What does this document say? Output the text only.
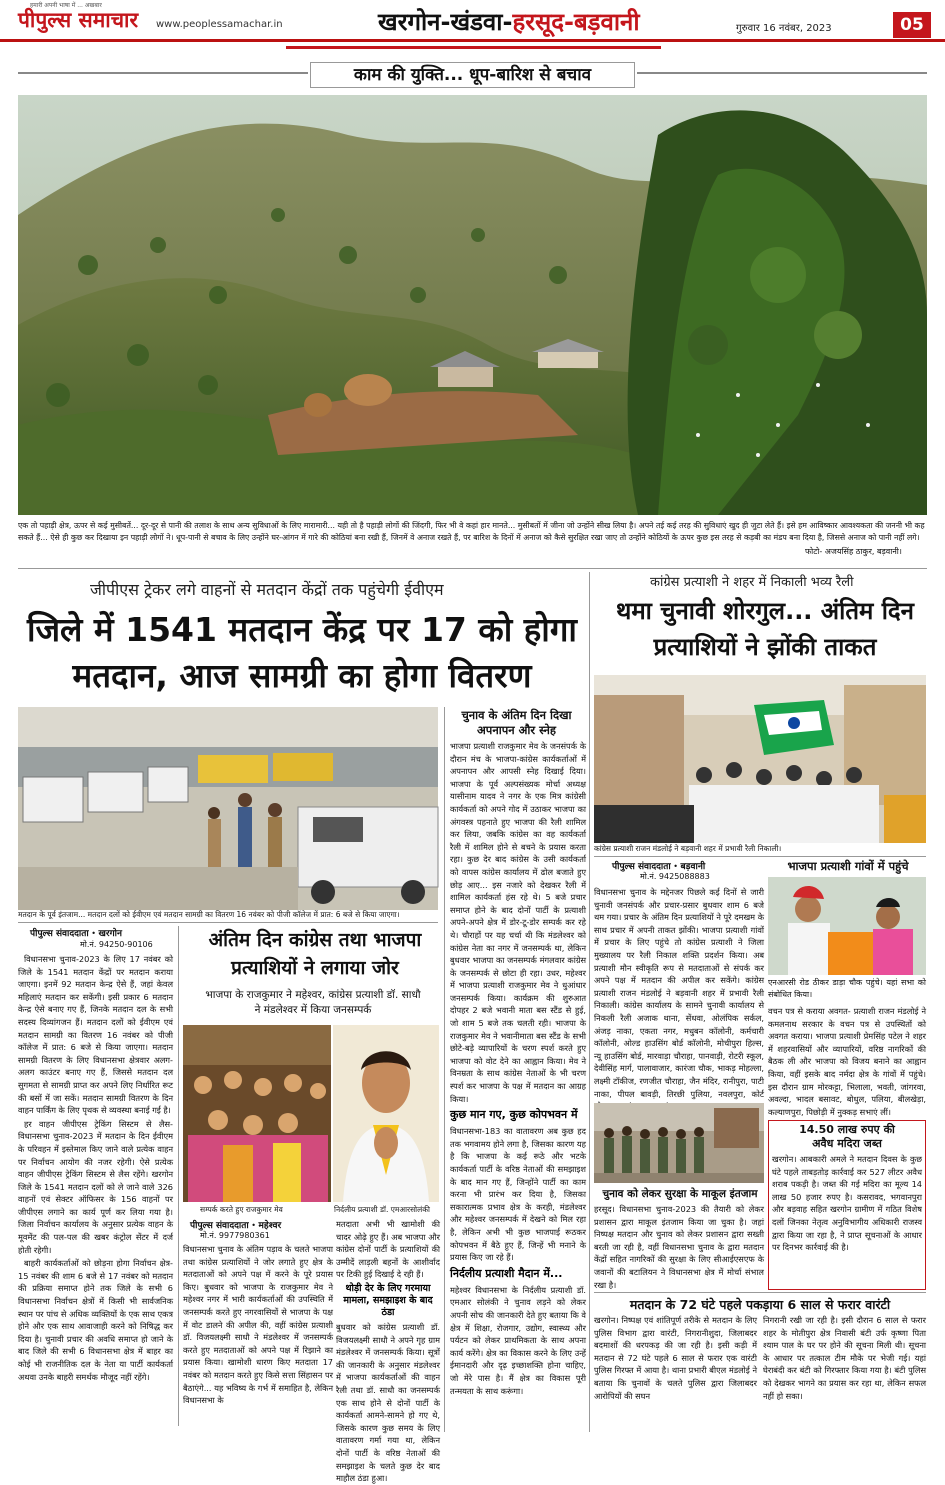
हमारी अपनी भाषा में ... अखबार
पीपुल्स समाचार www.peoplessamachar.in	खरगोन-खंडवा-हरसूद-बड़वानी	गुरुवार 16 नवंबर, 2023	05
काम की युक्ति... धूप-बारिश से बचाव
एक तो पहाड़ी क्षेत्र, ऊपर से कई मुसीबतें... दूर-दूर से पानी की तलाश के साथ अन्य सुविधाओं के लिए मारामारी... यही तो है पहाड़ी लोगों की जिंदगी, फिर भी वे कहां हार मानते... मुसीबतों में जीना जो उन्होंने सीख लिया है। अपने तई कई तरह की सुविधाएं खुद ही जुटा लेते हैं। इसे हम आविष्कार आवश्यकता की जननी भी कह सकते हैं... ऐसे ही कुछ कर दिखाया इन पहाड़ी लोगों ने। धूप-पानी से बचाव के लिए उन्होंने घर-आंगन में गारे की कोठियां बना रखी हैं, जिनमें वे अनाज रखते हैं, पर बारिश के दिनों में अनाज को कैसे सुरक्षित रखा जाए तो उन्होंने कोठियों के ऊपर कुछ इस तरह से कड़बी का मंडप बना दिया है, जिससे अनाज को पानी नहीं लगे।
फोटो- अजयसिंह ठाकुर, बड़वानी।
जीपीएस ट्रेकर लगे वाहनों से मतदान केंद्रों तक पहुंचेगी ईवीएम
जिले में 1541 मतदान केंद्र पर 17 को होगा
मतदान, आज सामग्री का होगा वितरण
कांग्रेस प्रत्याशी ने शहर में निकाली भव्य रैली
थमा चुनावी शोरगुल... अंतिम दिन
प्रत्याशियों ने झोंकी ताकत
मतदान के पूर्व इंतजाम... मतदान दलों को ईवीएम एवं मतदान सामग्री का वितरण 16 नवंबर को पीजी कॉलेज में प्रात: 6 बजे से किया जाएगा।
पीपुल्स संवाददाता • खरगोन
मो.नं. 94250-90106

विधानसभा चुनाव-2023 के लिए 17 नवंबर को जिले के 1541 मतदान केंद्रों पर मतदान कराया जाएगा। इनमें 92 मतदान केन्द्र ऐसे हैं, जहां केवल महिलाएं मतदान कर सकेंगी। इसी प्रकार 6 मतदान केन्द्र ऐसे बनाए गए हैं, जिनके मतदान दल के सभी सदस्य दिव्यांगजन हैं। मतदान दलों को ईवीएम एवं मतदान सामग्री का वितरण 16 नवंबर को पीजी कॉलेज में प्रात: 6 बजे से किया जाएगा। मतदान सामग्री वितरण के लिए विधानसभा क्षेत्रवार अलग-अलग काउंटर बनाए गए हैं, जिससे मतदान दल सुगमता से सामग्री प्राप्त कर अपने लिए निर्धारित रूट की बसों में जा सकें। मतदान सामग्री वितरण के दिन वाहन पार्किंग के लिए पृथक से व्यवस्था बनाई गई है।

हर वाहन जीपीएस ट्रेकिंग सिस्टम से लैस- विधानसभा चुनाव-2023 में मतदान के दिन ईवीएम के परिवहन में इस्तेमाल किए जाने वाले प्रत्येक वाहन पर निर्वाचन आयोग की नजर रहेगी। ऐसे प्रत्येक वाहन जीपीएस ट्रेकिंग सिस्टम से लैस रहेंगे। खरगोन जिले के 1541 मतदान दलों को ले जाने वाले 326 वाहनों एवं सेक्टर ऑफिसर के 156 वाहनों पर जीपीएस लगाने का कार्य पूर्ण कर लिया गया है। जिला निर्वाचन कार्यालय के अनुसार प्रत्येक वाहन के मूवमेंट की पल-पल की खबर कंट्रोल सेंटर में दर्ज होती रहेगी।

बाहरी कार्यकर्ताओं को छोड़ना होगा निर्वाचन क्षेत्र- 15 नवंबर की शाम 6 बजे से 17 नवंबर को मतदान की प्रक्रिया समाप्त होने तक जिले के सभी 6 विधानसभा निर्वाचन क्षेत्रों में किसी भी सार्वजनिक स्थान पर पांच से अधिक व्यक्तियों के एक साथ एकत्र होने और एक साथ आवाजाही करने को निषिद्ध कर दिया है। चुनावी प्रचार की अवधि समाप्त हो जाने के बाद जिले की सभी 6 विधानसभा क्षेत्र में बाहर का कोई भी राजनीतिक दल के नेता या पार्टी कार्यकर्ता अथवा उनके बाहरी समर्थक मौजूद नहीं रहेंगे।

अंतिम दिन कांग्रेस तथा भाजपा
प्रत्याशियों ने लगाया जोर
भाजपा के राजकुमार ने महेश्वर, कांग्रेस प्रत्याशी डॉ. साधौ
ने मंडलेश्वर में किया जनसम्पर्क
सम्पर्क करते हुए राजकुमार मेव	निर्दलीय प्रत्याशी डॉ. एमआरसोलंकी
पीपुल्स संवाददाता • महेश्वर
मो.नं. 9977980361
विधानसभा चुनाव के अंतिम पड़ाव के चलते भाजपा तथा कांग्रेस प्रत्याशियों ने जोर लगाते हुए क्षेत्र के मतदाताओं को अपने पक्ष में करने के पूरे प्रयास किए। बुधवार को भाजपा के राजकुमार मेव ने महेश्वर नगर में भारी कार्यकर्ताओं की उपस्थिति में जनसम्पर्क करते हुए नगरवासियों से भाजपा के पक्ष में वोट डालने की अपील की, वहीं कांग्रेस प्रत्याशी डॉ. विजयलक्ष्मी साधौ ने मंडलेश्वर में जनसम्पर्क करते हुए मतदाताओं को अपने पक्ष में रिझाने का प्रयास किया। खामोशी धारण किए मतदाता 17 नवंबर को मतदान करते हुए किसे सत्ता सिंहासन पर बैठाएंगे... यह भविष्य के गर्भ में समाहित है, लेकिन विधानसभा के
मतदाता अभी भी खामोशी की चादर ओढ़े हुए हैं। अब भाजपा और कांग्रेस दोनों पार्टी के प्रत्याशियों की उम्मीदें लाड़ली बहनों के आशीर्वाद पर टिकी हुई दिखाई दे रही हैं।
थोड़ी देर के लिए गरमाया मामला, समझाइश के बाद ठंडा
बुधवार को कांग्रेस प्रत्याशी डॉ. विजयलक्ष्मी साधौ ने अपने गृह ग्राम मंडलेश्वर में जनसम्पर्क किया। सूत्रों की जानकारी के अनुसार मंडलेश्वर में भाजपा कार्यकर्ताओं की वाहन रैली तथा डॉ. साधौ का जनसम्पर्क एक साथ होने से दोनों पार्टी के कार्यकर्ता आमने-सामने हो गए थे, जिसके कारण कुछ समय के लिए वातावरण गर्मा गया था, लेकिन दोनों पार्टी के वरिष्ठ नेताओं की समझाइश के चलते कुछ देर बाद माहौल ठंडा हुआ।
चुनाव के अंतिम दिन दिखा
अपनापन और स्नेह
भाजपा प्रत्याशी राजकुमार मेव के जनसंपर्क के दौरान मंच के भाजपा-कांग्रेस कार्यकर्ताओं में अपनापन और आपसी स्नेह दिखाई दिया। भाजपा के पूर्व अल्पसंख्यक मोर्चा अध्यक्ष यासीनाम यादव ने नगर के एक मित्र कांग्रेसी कार्यकर्ता को अपने गोद में उठाकर भाजपा का अंगवस्त्र पहनाते हुए भाजपा की रैली शामिल कर लिया, जबकि कांग्रेस का वह कार्यकर्ता रैली में शामिल होने से बचने के प्रयास करता रहा। कुछ देर बाद कांग्रेस के उसी कार्यकर्ता को वापस कांग्रेस कार्यालय में ढोल बजाते हुए छोड़ आए... इस नजारे को देखकर रैली में शामिल कार्यकर्ता हंस रहे थे। 5 बजे प्रचार समाप्त होने के बाद दोनों पार्टी के प्रत्याशी अपने-अपने क्षेत्र में डोर-टू-डोर सम्पर्क कर रहे थे। चौराहों पर यह चर्चा थी कि मंडलेश्वर को कांग्रेस नेता का नगर में जनसम्पर्क था, लेकिन बुधवार भाजपा का जनसम्पर्क मंगलवार कांग्रेस के जनसम्पर्क से छोटा ही रहा। उधर, महेश्वर में भाजपा प्रत्याशी राजकुमार मेव ने धुआंधार जनसम्पर्क किया। कार्यक्रम की शुरुआत दोपहर 2 बजे भवानी माता बस स्टैंड से हुई, जो शाम 5 बजे तक चलती रही। भाजपा के राजकुमार मेव ने भवानीमाता बस स्टैंड के सभी छोटे-बड़े व्यापारियों के चरण स्पर्श करते हुए भाजपा को वोट देने का आह्वान किया। मेव ने विनम्रता के साथ कांग्रेस नेताओं के भी चरण स्पर्श कर भाजपा के पक्ष में मतदान का आग्रह किया।
कुछ मान गए, कुछ कोपभवन में
विधानसभा-183 का वातावरण अब कुछ हद तक भगवामय होने लगा है, जिसका कारण यह है कि भाजपा के कई रूठे और भटके कार्यकर्ता पार्टी के वरिष्ठ नेताओं की समझाइश के बाद मान गए हैं, जिन्होंने पार्टी का काम करना भी प्रारंभ कर दिया है, जिसका सकारात्मक प्रभाव क्षेत्र के करही, मंडलेश्वर और महेश्वर जनसम्पर्क में देखने को मिल रहा है, लेकिन अभी भी कुछ भाजपाई रूठकर कोपभवन में बैठे हुए हैं, जिन्हें भी मनाने के प्रयास किए जा रहे हैं।
निर्दलीय प्रत्याशी मैदान में...
महेश्वर विधानसभा के निर्दलीय प्रत्याशी डॉ. एमआर सोलंकी ने चुनाव लड़ने को लेकर अपनी सोच की जानकारी देते हुए बताया कि वे क्षेत्र में शिक्षा, रोजगार, उद्योग, स्वास्थ्य और पर्यटन को लेकर प्राथमिकता के साथ अपना कार्य करेंगे। क्षेत्र का विकास करने के लिए उन्हें ईमानदारी और दृढ़ इच्छाशक्ति होना चाहिए, जो मेरे पास है। मैं क्षेत्र का विकास पूरी तन्मयता के साथ करूंगा।
कांग्रेस प्रत्याशी राजन मंडलोई ने बड़वानी शहर में प्रभावी रैली निकाली।
पीपुल्स संवाददाता • बड़वानी
मो.नं. 9425088883
विधानसभा चुनाव के मद्देनजर पिछले कई दिनों से जारी चुनावी जनसंपर्क और प्रचार-प्रसार बुधवार शाम 6 बजे थम गया। प्रचार के अंतिम दिन प्रत्याशियों ने पूरे दमखम के साथ प्रचार में अपनी ताकत झोंकी। भाजपा प्रत्याशी गांवों में प्रचार के लिए पहुंचे तो कांग्रेस प्रत्याशी ने जिला मुख्यालय पर रैली निकाल शक्ति प्रदर्शन किया। अब प्रत्याशी मौन स्वीकृति रूप से मतदाताओं से संपर्क कर अपने पक्ष में मतदान की अपील कर सकेंगे। कांग्रेस प्रत्याशी राजन मंडलोई ने बड़वानी शहर में प्रभावी रैली निकाली। कांग्रेस कार्यालय के सामने चुनावी कार्यालय से निकली रैली अजाक थाना, सेंधवा, ओलंपिक सर्कल, अंजड़ नाका, एकता नगर, मधुबन कॉलोनी, कर्मचारी कॉलोनी, ओल्ड हाउसिंग बोर्ड कॉलोनी, मोचीपुरा हिल्स, न्यू हाउसिंग बोर्ड, मारवाड़ा चौराहा, पानवाड़ी, रोटरी स्कूल, देवीसिंह मार्ग, पालावाजार, कारंजा चौक, भाकड़ मोहल्ला, लक्ष्मी टॉकीज, रणजीत चौराहा, जैन मंदिर, रानीपुरा, पाटी नाका, पीपल बावड़ी, तिरछी पुलिया, नवलपुरा, कोर्ट
भाजपा प्रत्याशी गांवों में पहुंचे
एनआरसी रोड ठीकर डाड़ा चौक पहुंचे। यहां सभा को संबोधित किया।
वचन पत्र से कराया अवगत- प्रत्याशी राजन मंडलोई ने कमलनाथ सरकार के वचन पत्र से उपस्थितों को अवगत कराया। भाजपा प्रत्याशी प्रेमसिंह पटेल ने शहर में शहरवासियों और व्यापारियों, वरिष्ठ नागरिकों की बैठक ली और भाजपा को विजय बनाने का आह्वान किया, वहीं इसके बाद नर्मदा क्षेत्र के गांवों में पहुंचे। इस दौरान ग्राम मोरकट्टा, भिलाला, भवती, जांगरवा, अवल्दा, भादल बसावट, बोधुल, पलिया, बीलखेड़ा, कल्याणपुरा, पिछोड़ी में नुक्कड़ सभाएं लीं।
14.50 लाख रुपए की
अवैध मदिरा जब्त
खरगोन। आबकारी अमले ने मतदान दिवस के कुछ घंटे पहले ताबड़तोड़ कार्रवाई कर 527 लीटर अवैध शराब पकड़ी है। जब्त की गई मदिरा का मूल्य 14 लाख 50 हजार रुपए है। कसरावद, भगवानपुरा और बड़वाह सहित खरगोन ग्रामीण में गठित विशेष दलों जिनका नेतृत्व अनुविभागीय अधिकारी राजस्व द्वारा किया जा रहा है, ने प्राप्त सूचनाओं के आधार पर दिनभर कार्रवाई की है।
चुनाव को लेकर सुरक्षा के माकूल इंतजाम
हरसूद। विधानसभा चुनाव-2023 की तैयारी को लेकर प्रशासन द्वारा माकूल इंतजाम किया जा चुका है। जहां निष्पक्ष मतदान और चुनाव को लेकर प्रशासन द्वारा सख्ती बरती जा रही है, वहीं विधानसभा चुनाव के द्वारा मतदान केंद्रों सहित नागरिकों की सुरक्षा के लिए सीआईएसएफ के जवानों की बटालियन ने विधानसभा क्षेत्र में मोर्चा संभाल रखा है।
मतदान के 72 घंटे पहले पकड़ाया 6 साल से फरार वारंटी
खरगोन। निष्पक्ष एवं शांतिपूर्ण तरीके से मतदान के लिए पुलिस विभाग द्वारा वारंटी, निगरानीशुदा, जिलाबदर बदमाशों की धरपकड़ की जा रही है। इसी कड़ी में मतदान से 72 घंटे पहले 6 साल से फरार एक वारंटी पुलिस गिरफ्त में आया है। थाना प्रभारी बीएल मंडलोई ने बताया कि चुनावों के चलते पुलिस द्वारा जिलाबदर आरोपियों की सघन
निगरानी रखी जा रही है। इसी दौरान 6 साल से फरार शहर के मोतीपुरा क्षेत्र निवासी बंटी उर्फ कृष्णा पिता श्याम पाल के घर पर होने की सूचना मिली थी। सूचना के आधार पर तत्काल टीम मौके पर भेजी गई। यहां घेराबंदी कर बंटी को गिरफ्तार किया गया है। बंटी पुलिस को देखकर भागने का प्रयास कर रहा था, लेकिन सफल नहीं हो सका।
